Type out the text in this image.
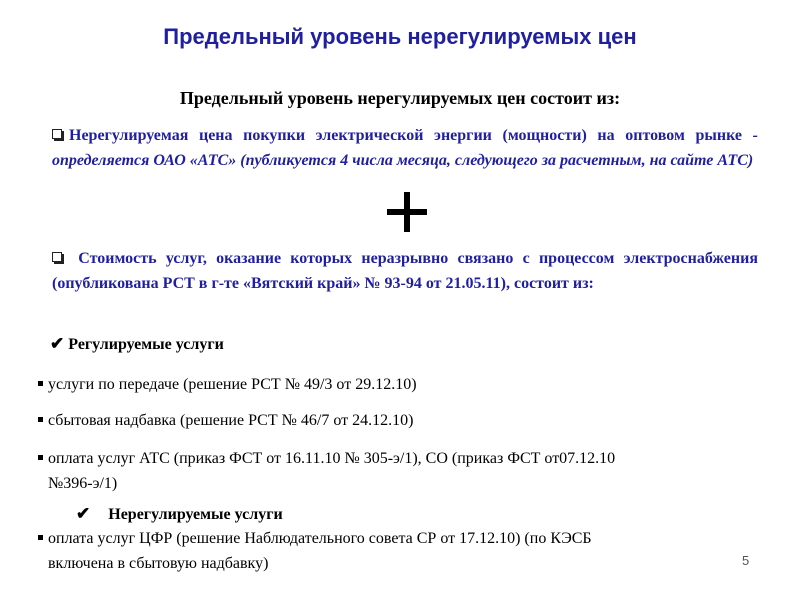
Предельный уровень нерегулируемых цен

Предельный уровень нерегулируемых цен состоит из:

Нерегулируемая цена покупки электрической энергии (мощности) на оптовом рынке - определяется ОАО «АТС» (публикуется 4 числа месяца, следующего за расчетным, на сайте АТС)

Стоимость услуг, оказание которых неразрывно связано с процессом электроснабжения (опубликована РСТ в г-те «Вятский край» № 93-94 от 21.05.11), состоит из:

✔ Регулируемые услуги

услуги по передаче (решение РСТ № 49/3 от 29.12.10)

сбытовая надбавка (решение РСТ № 46/7 от 24.12.10)

оплата услуг АТС (приказ ФСТ от 16.11.10 № 305-э/1), СО (приказ ФСТ от07.12.10
№396-э/1)

✔ Нерегулируемые услуги

оплата услуг ЦФР (решение Наблюдательного совета СР от 17.12.10) (по КЭСБ
включена в сбытовую надбавку)	5
